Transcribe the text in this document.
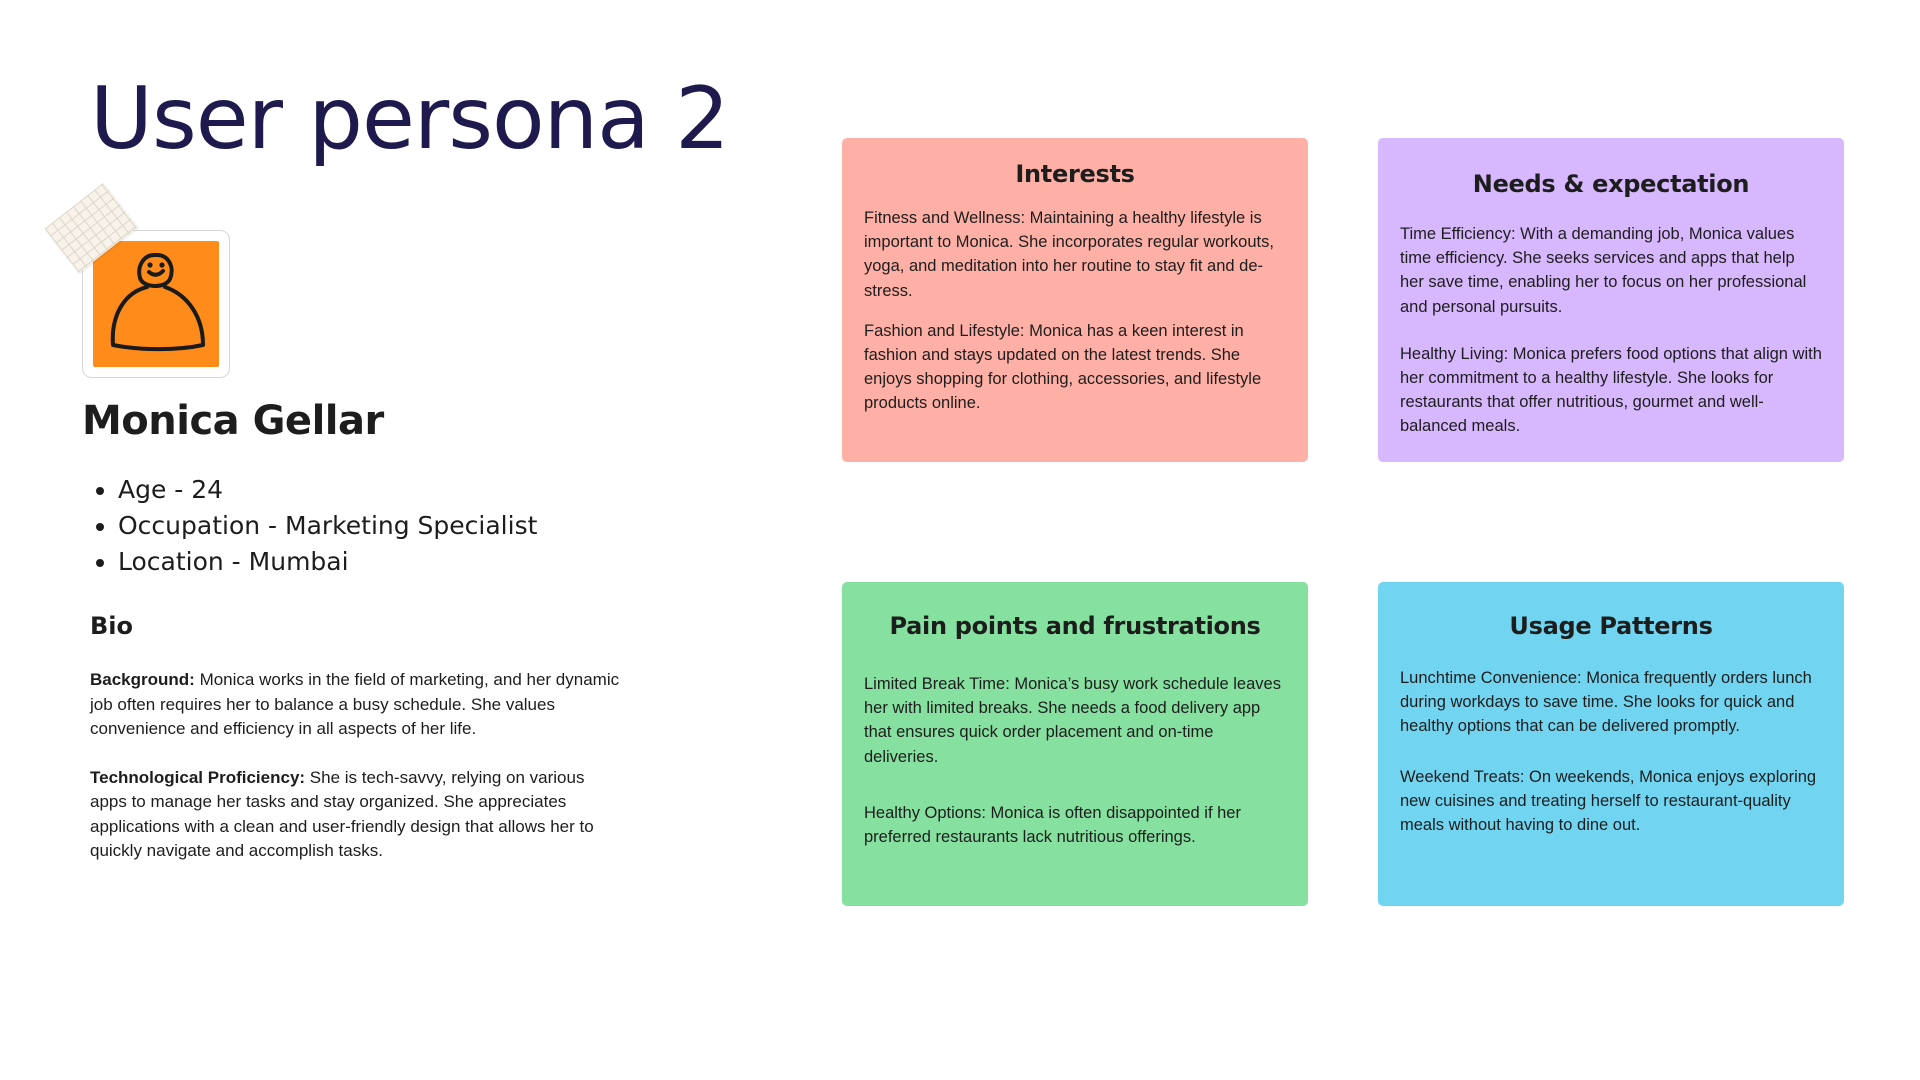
User persona 2
Monica Gellar
• Age - 24
• Occupation - Marketing Specialist
• Location - Mumbai
Bio

Background: Monica works in the field of marketing, and her dynamic job often requires her to balance a busy schedule. She values convenience and efficiency in all aspects of her life.

Technological Proficiency: She is tech-savvy, relying on various apps to manage her tasks and stay organized. She appreciates applications with a clean and user-friendly design that allows her to quickly navigate and accomplish tasks.

Interests

Fitness and Wellness: Maintaining a healthy lifestyle is important to Monica. She incorporates regular workouts, yoga, and meditation into her routine to stay fit and de-stress.

Fashion and Lifestyle: Monica has a keen interest in fashion and stays updated on the latest trends. She enjoys shopping for clothing, accessories, and lifestyle products online.

Needs & expectation

Time Efficiency: With a demanding job, Monica values time efficiency. She seeks services and apps that help her save time, enabling her to focus on her professional and personal pursuits.

Healthy Living: Monica prefers food options that align with her commitment to a healthy lifestyle. She looks for restaurants that offer nutritious, gourmet and well-balanced meals.

Pain points and frustrations

Limited Break Time: Monica’s busy work schedule leaves her with limited breaks. She needs a food delivery app that ensures quick order placement and on-time deliveries.

Healthy Options: Monica is often disappointed if her preferred restaurants lack nutritious offerings.

Usage Patterns

Lunchtime Convenience: Monica frequently orders lunch during workdays to save time. She looks for quick and healthy options that can be delivered promptly.

Weekend Treats: On weekends, Monica enjoys exploring new cuisines and treating herself to restaurant-quality meals without having to dine out.
